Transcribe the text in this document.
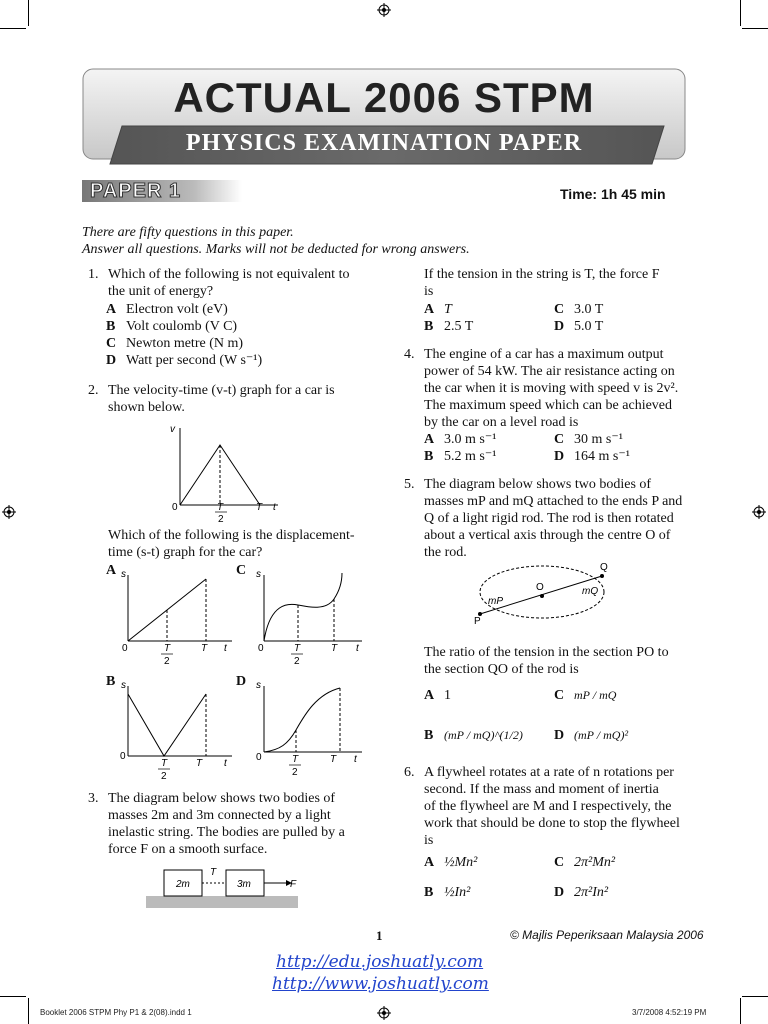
ACTUAL 2006 STPM
PHYSICS EXAMINATION PAPER
PAPER 1	Time: 1h 45 min
There are fifty questions in this paper.
Answer all questions. Marks will not be deducted for wrong answers.
1. Which of the following is not equivalent to
the unit of energy?
A Electron volt (eV)
B Volt coulomb (V C)
C Newton metre (N m)
D Watt per second (W s⁻¹)
2. The velocity-time (v-t) graph for a car is
shown below.
v
0	T
2
T t
Which of the following is the displacement-
time (s-t) graph for the car?
A s
0	T
2
T t
C s
0	T
2
T t
B s
0
T
2
T t
D s
0	T
2
T t
3. The diagram below shows two bodies of
masses 2m and 3m connected by a light
inelastic string. The bodies are pulled by a
force F on a smooth surface.
2m	3m
T
F
If the tension in the string is T, the force F
is
A T	C 3.0 T
B 2.5 T	D 5.0 T
4. The engine of a car has a maximum output
power of 54 kW. The air resistance acting on
the car when it is moving with speed v is 2v².
The maximum speed which can be achieved
by the car on a level road is
A 3.0 m s⁻¹	C 30 m s⁻¹
B 5.2 m s⁻¹	D 164 m s⁻¹
5. The diagram below shows two bodies of
masses mP and mQ attached to the ends P and
Q of a light rigid rod. The rod is then rotated
about a vertical axis through the centre O of
the rod.
P
Q
O
mP
mQ
The ratio of the tension in the section PO to
the section QO of the rod is
A 1	C mP / mQ
B (mP / mQ)^(1/2) D (mP / mQ)²
6. A flywheel rotates at a rate of n rotations per
second. If the mass and moment of inertia
of the flywheel are M and I respectively, the
work that should be done to stop the flywheel
is
A ½Mn²	C 2π²Mn²
B ½In²	D 2π²In²
1	© Majlis Peperiksaan Malaysia 2006
http://edu.joshuatly.com
http://www.joshuatly.com
Booklet 2006 STPM Phy P1 & 2(08).indd 1	3/7/2008 4:52:19 PM
